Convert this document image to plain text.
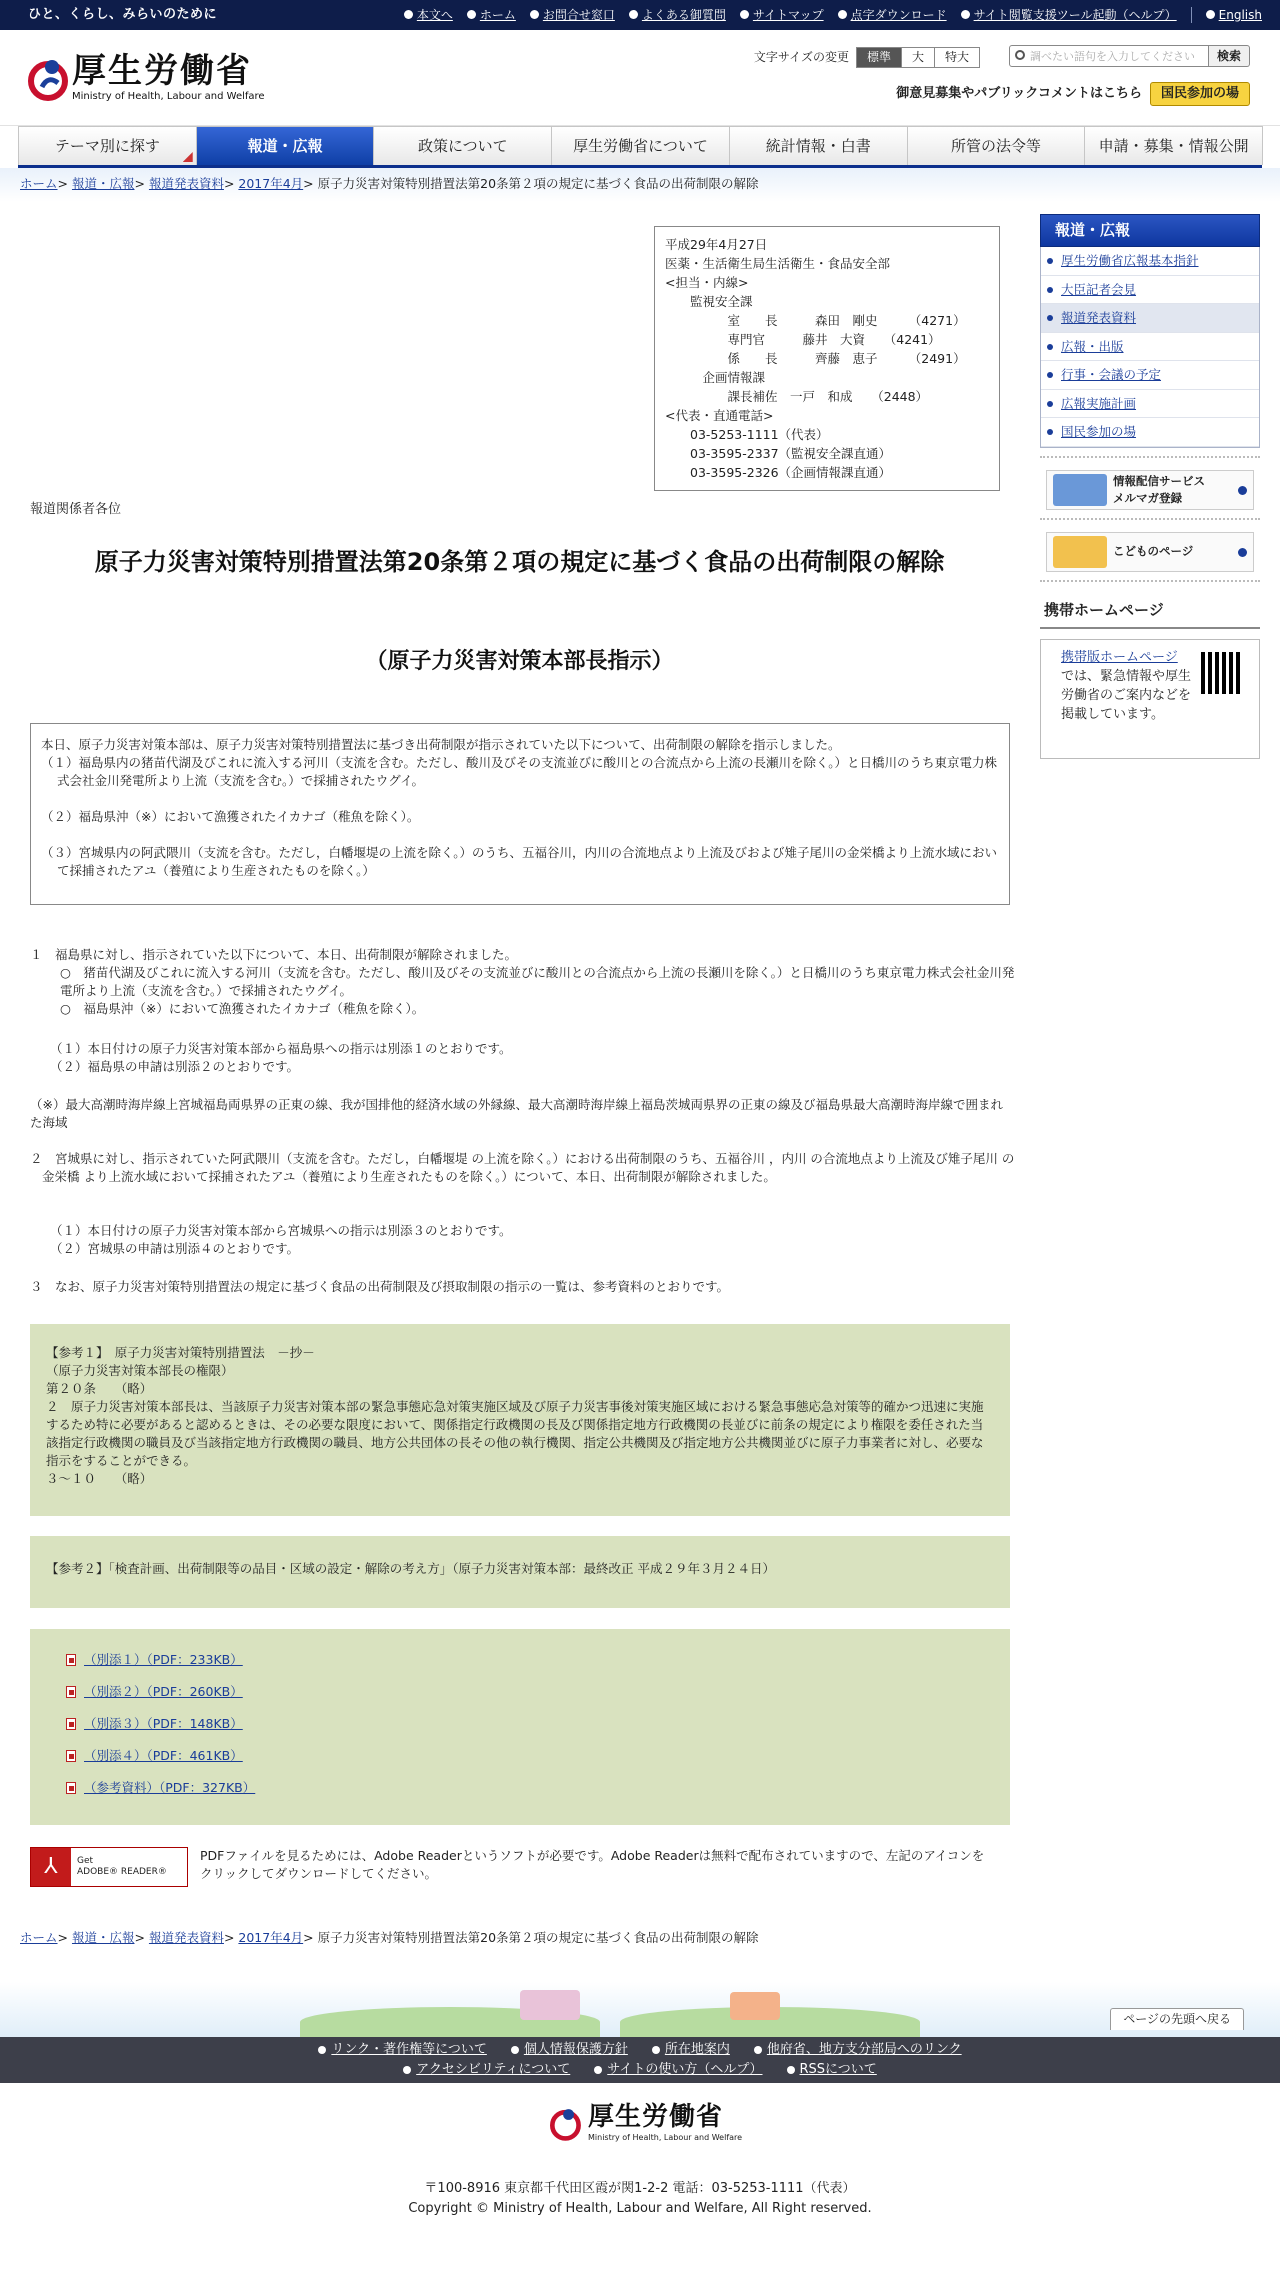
ひと、くらし、みらいのために	本文へ ホーム お問合せ窓口 よくある御質問 サイトマップ 点字ダウンロード サイト閲覧支援ツール起動（ヘルプ）	English
厚生労働省
Ministry of Health, Labour and Welfare
文字サイズの変更	標準	大	特大	調べたい語句を入力してください	検索
御意見募集やパブリックコメントはこちら	国民参加の場
テーマ別に探す	報道・広報	政策について	厚生労働省について	統計情報・白書	所管の法令等	申請・募集・情報公開
ホーム> 報道・広報> 報道発表資料> 2017年4月> 原子力災害対策特別措置法第20条第２項の規定に基づく食品の出荷制限の解除
平成29年4月27日
医薬・生活衛生局生活衛生・食品安全部
<担当・内線>
　　監視安全課
　　　　　室　　長　　　森田　剛史　　　（4271）
　　　　　専門官　　　藤井　大資　　（4241）
　　　　　係　　長　　　齊藤　恵子　　　（2491）
　　　企画情報課
　　　　　課長補佐　一戸　和成　　（2448）
<代表・直通電話>
　　03-5253-1111（代表）
　　03-3595-2337（監視安全課直通）
　　03-3595-2326（企画情報課直通）
報道関係者各位
原子力災害対策特別措置法第20条第２項の規定に基づく食品の出荷制限の解除
（原子力災害対策本部長指示）

本日、原子力災害対策本部は、原子力災害対策特別措置法に基づき出荷制限が指示されていた以下について、出荷制限の解除を指示しました。

（１）福島県内の猪苗代湖及びこれに流入する河川（支流を含む。ただし、酸川及びその支流並びに酸川との合流点から上流の長瀬川を除く。）と日橋川のうち東京電力株式会社金川発電所より上流（支流を含む。）で採捕されたウグイ。

（２）福島県沖（※）において漁獲されたイカナゴ（稚魚を除く）。

（３）宮城県内の阿武隈川（支流を含む。ただし，白幡堰堤の上流を除く。）のうち、五福谷川，内川の合流地点より上流及びおよび雉子尾川の金栄橋より上流水域において採捕されたアユ（養殖により生産されたものを除く。）

１　福島県に対し、指示されていた以下について、本日、出荷制限が解除されました。
○　猪苗代湖及びこれに流入する河川（支流を含む。ただし、酸川及びその支流並びに酸川との合流点から上流の長瀬川を除く。）と日橋川のうち東京電力株式会社金川発電所より上流（支流を含む。）で採捕されたウグイ。
○　福島県沖（※）において漁獲されたイカナゴ（稚魚を除く）。
（１）本日付けの原子力災害対策本部から福島県への指示は別添１のとおりです。
（２）福島県の申請は別添２のとおりです。
（※）最大高潮時海岸線上宮城福島両県界の正東の線、我が国排他的経済水域の外縁線、最大高潮時海岸線上福島茨城両県界の正東の線及び福島県最大高潮時海岸線で囲まれた海域
２　宮城県に対し、指示されていた阿武隈川（支流を含む。ただし，白幡堰堤 の上流を除く。）における出荷制限のうち、五福谷川 ，内川 の合流地点より上流及び雉子尾川 の金栄橋 より上流水域において採捕されたアユ（養殖により生産されたものを除く。）について、本日、出荷制限が解除されました。
（１）本日付けの原子力災害対策本部から宮城県への指示は別添３のとおりです。
（２）宮城県の申請は別添４のとおりです。
３　なお、原子力災害対策特別措置法の規定に基づく食品の出荷制限及び摂取制限の指示の一覧は、参考資料のとおりです。
【参考１】　原子力災害対策特別措置法　－抄－
（原子力災害対策本部長の権限）
第２０条　　（略）
２　原子力災害対策本部長は、当該原子力災害対策本部の緊急事態応急対策実施区域及び原子力災害事後対策実施区域における緊急事態応急対策等的確かつ迅速に実施するため特に必要があると認めるときは、その必要な限度において、関係指定行政機関の長及び関係指定地方行政機関の長並びに前条の規定により権限を委任された当該指定行政機関の職員及び当該指定地方行政機関の職員、地方公共団体の長その他の執行機関、指定公共機関及び指定地方公共機関並びに原子力事業者に対し、必要な指示をすることができる。
３～１０　　（略）
【参考２】「検査計画、出荷制限等の品目・区域の設定・解除の考え方」（原子力災害対策本部：最終改正 平成２９年３月２４日）
（別添１）（PDF：233KB）
（別添２）（PDF：260KB）
（別添３）（PDF：148KB）
（別添４）（PDF：461KB）
（参考資料）（PDF：327KB）
⅄	Get
ADOBE® READER®
PDFファイルを見るためには、Adobe Readerというソフトが必要です。Adobe Readerは無料で配布されていますので、左記のアイコンをクリックしてダウンロードしてください。
ホーム> 報道・広報> 報道発表資料> 2017年4月> 原子力災害対策特別措置法第20条第２項の規定に基づく食品の出荷制限の解除
報道・広報
厚生労働省広報基本指針
大臣記者会見
報道発表資料
広報・出版
行事・会議の予定
広報実施計画
国民参加の場
情報配信サービス
メルマガ登録
こどものページ
携帯ホームページ
携帯版ホームページ

では、緊急情報や厚生労働省のご案内などを掲載しています。
ページの先頭へ戻る
リンク・著作権等について	個人情報保護方針	所在地案内	他府省、地方支分部局へのリンク
アクセシビリティについて	サイトの使い方（ヘルプ）	RSSについて
厚生労働省
Ministry of Health, Labour and Welfare
〒100-8916 東京都千代田区霞が関1-2-2 電話：03-5253-1111（代表）
Copyright © Ministry of Health, Labour and Welfare, All Right reserved.
